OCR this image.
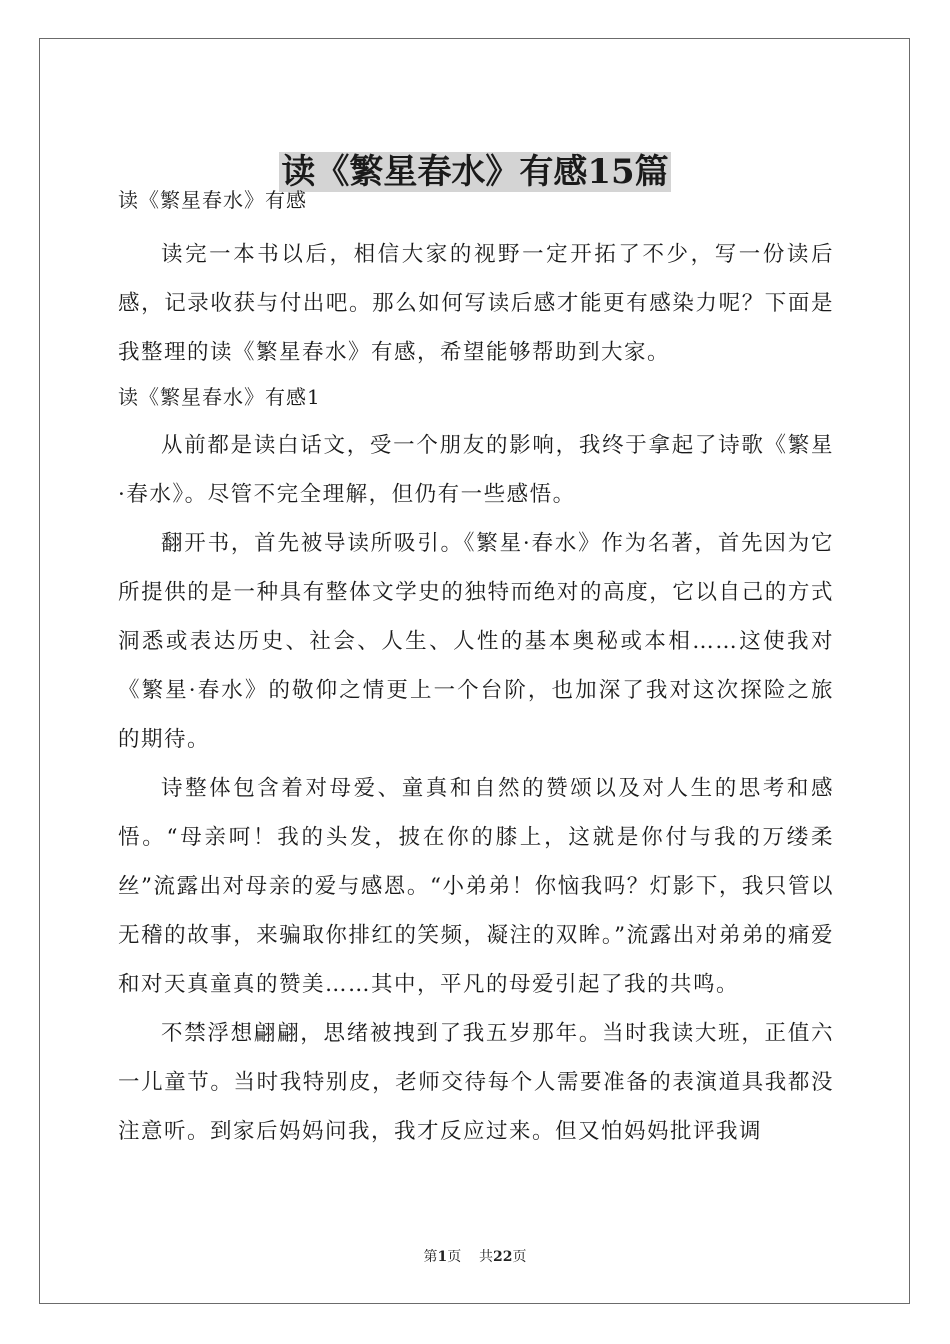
读《繁星春水》有感15篇

读《繁星春水》有感

读完一本书以后，相信大家的视野一定开拓了不少，写一份读后感，记录收获与付出吧。那么如何写读后感才能更有感染力呢？下面是我整理的读《繁星春水》有感，希望能够帮助到大家。

读《繁星春水》有感1

从前都是读白话文，受一个朋友的影响，我终于拿起了诗歌《繁星·春水》。尽管不完全理解，但仍有一些感悟。

翻开书，首先被导读所吸引。《繁星·春水》作为名著，首先因为它所提供的是一种具有整体文学史的独特而绝对的高度，它以自己的方式洞悉或表达历史、社会、人生、人性的基本奥秘或本相……这使我对《繁星·春水》的敬仰之情更上一个台阶，也加深了我对这次探险之旅的期待。

诗整体包含着对母爱、童真和自然的赞颂以及对人生的思考和感悟。“母亲呵！我的头发，披在你的膝上，这就是你付与我的万缕柔丝”流露出对母亲的爱与感恩。“小弟弟！你恼我吗？灯影下，我只管以无稽的故事，来骗取你排红的笑频，凝注的双眸。”流露出对弟弟的痛爱和对天真童真的赞美……其中，平凡的母爱引起了我的共鸣。

不禁浮想翩翩，思绪被拽到了我五岁那年。当时我读大班，正值六一儿童节。当时我特别皮，老师交待每个人需要准备的表演道具我都没注意听。到家后妈妈问我，我才反应过来。但又怕妈妈批评我调

第1页 共22页
